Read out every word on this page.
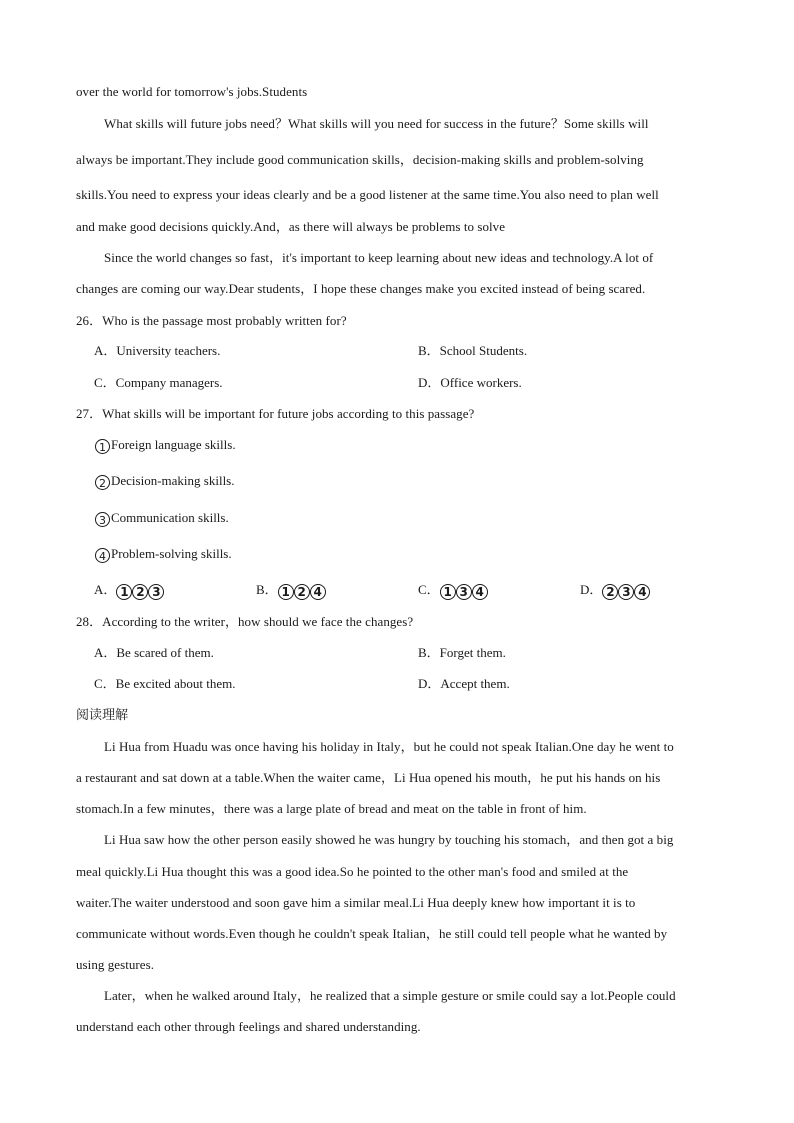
over the world for tomorrow's jobs.Students
What skills will future jobs need？What skills will you need for success in the future？Some skills will
always be important.They include good communication skills，decision-making skills and problem-solving
skills.You need to express your ideas clearly and be a good listener at the same time.You also need to plan well
and make good decisions quickly.And，as there will always be problems to solve
Since the world changes so fast，it's important to keep learning about new ideas and technology.A lot of
changes are coming our way.Dear students，I hope these changes make you excited instead of being scared.
26．Who is the passage most probably written for?
A．University teachers.	B．School Students.
C．Company managers.	D．Office workers.
27．What skills will be important for future jobs according to this passage?
1 Foreign language skills.
2 Decision-making skills.
3 Communication skills.
4 Problem-solving skills.
A． 1 2 3	B． 1 2 4	C． 1 3 4	D． 2 3 4
28．According to the writer，how should we face the changes?
A．Be scared of them.	B．Forget them.
C．Be excited about them.	D．Accept them.
阅读理解
Li Hua from Huadu was once having his holiday in Italy，but he could not speak Italian.One day he went to
a restaurant and sat down at a table.When the waiter came，Li Hua opened his mouth，he put his hands on his
stomach.In a few minutes，there was a large plate of bread and meat on the table in front of him.
Li Hua saw how the other person easily showed he was hungry by touching his stomach，and then got a big
meal quickly.Li Hua thought this was a good idea.So he pointed to the other man's food and smiled at the
waiter.The waiter understood and soon gave him a similar meal.Li Hua deeply knew how important it is to
communicate without words.Even though he couldn't speak Italian，he still could tell people what he wanted by
using gestures.
Later，when he walked around Italy，he realized that a simple gesture or smile could say a lot.People could
understand each other through feelings and shared understanding.
